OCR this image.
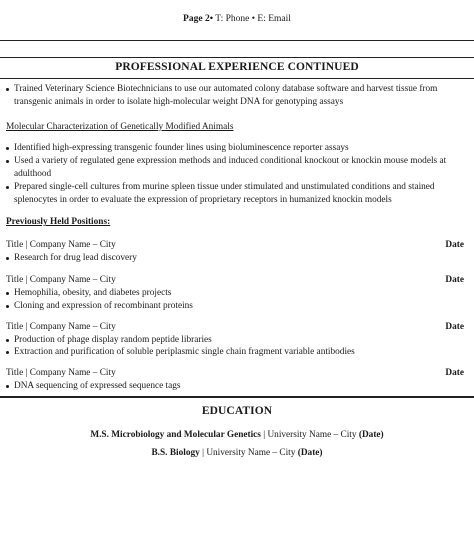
Page 2• T: Phone • E: Email
PROFESSIONAL EXPERIENCE CONTINUED
Trained Veterinary Science Biotechnicians to use our automated colony database software and harvest tissue from transgenic animals in order to isolate high-molecular weight DNA for genotyping assays
Molecular Characterization of Genetically Modified Animals
Identified high-expressing transgenic founder lines using bioluminescence reporter assays
Used a variety of regulated gene expression methods and induced conditional knockout or knockin mouse models at adulthood
Prepared single-cell cultures from murine spleen tissue under stimulated and unstimulated conditions and stained splenocytes in order to evaluate the expression of proprietary receptors in humanized knockin models
Previously Held Positions:
Title | Company Name – City	Date
Research for drug lead discovery
Title | Company Name – City	Date
Hemophilia, obesity, and diabetes projects
Cloning and expression of recombinant proteins
Title | Company Name – City	Date
Production of phage display random peptide libraries
Extraction and purification of soluble periplasmic single chain fragment variable antibodies
Title | Company Name – City	Date
DNA sequencing of expressed sequence tags
EDUCATION
M.S. Microbiology and Molecular Genetics | University Name – City (Date)
B.S. Biology | University Name – City (Date)
